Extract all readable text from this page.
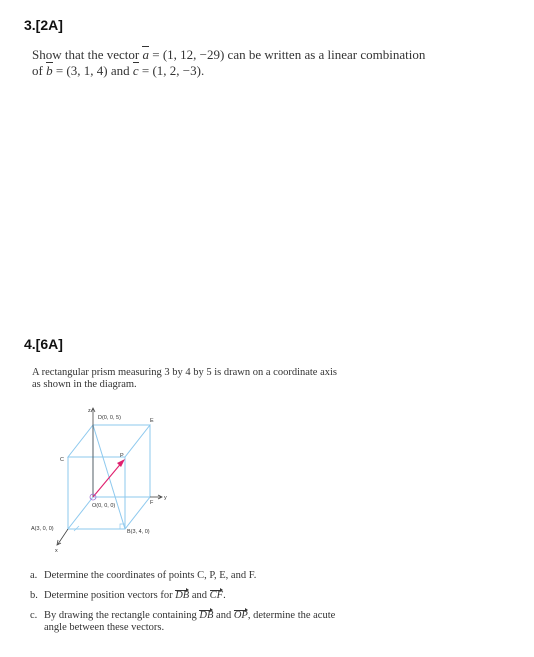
3.[2A]
Show that the vector a = (1, 12, −29) can be written as a linear combination
of b = (3, 1, 4) and c = (1, 2, −3).
4.[6A]
A rectangular prism measuring 3 by 4 by 5 is drawn on a coordinate axis
as shown in the diagram.
z
D(0, 0, 5)	E
C
P
O(0, 0, 0)	F
y
A(3, 0, 0)	B(3, 4, 0)
x
a. Determine the coordinates of points C, P, E, and F.
b. Determine position vectors for DB and CF.
c. By drawing the rectangle containing DB and OP, determine the acute
angle between these vectors.
